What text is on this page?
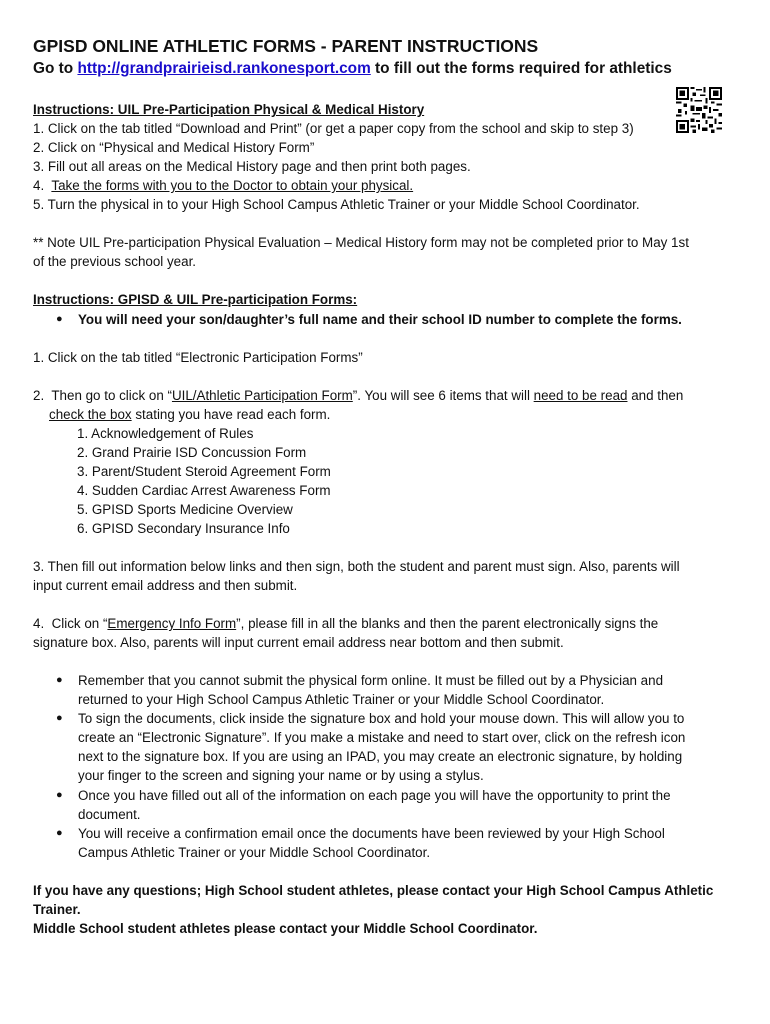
GPISD ONLINE ATHLETIC FORMS - PARENT INSTRUCTIONS
Go to http://grandprairieisd.rankonesport.com to fill out the forms required for athletics
Instructions: UIL Pre-Participation Physical & Medical History
1. Click on the tab titled “Download and Print” (or get a paper copy from the school and skip to step 3)
2. Click on “Physical and Medical History Form”
3. Fill out all areas on the Medical History page and then print both pages.
4.  Take the forms with you to the Doctor to obtain your physical.
5. Turn the physical in to your High School Campus Athletic Trainer or your Middle School Coordinator.
** Note UIL Pre-participation Physical Evaluation – Medical History form may not be completed prior to May 1st
of the previous school year.
Instructions: GPISD & UIL Pre-participation Forms:
● You will need your son/daughter’s full name and their school ID number to complete the forms.
1. Click on the tab titled “Electronic Participation Forms”
2.  Then go to click on “UIL/Athletic Participation Form”. You will see 6 items that will need to be read and then
check the box stating you have read each form.
1. Acknowledgement of Rules
2. Grand Prairie ISD Concussion Form
3. Parent/Student Steroid Agreement Form
4. Sudden Cardiac Arrest Awareness Form
5. GPISD Sports Medicine Overview
6. GPISD Secondary Insurance Info
3. Then fill out information below links and then sign, both the student and parent must sign. Also, parents will
input current email address and then submit.
4.  Click on “Emergency Info Form”, please fill in all the blanks and then the parent electronically signs the
signature box. Also, parents will input current email address near bottom and then submit.
● Remember that you cannot submit the physical form online. It must be filled out by a Physician and
returned to your High School Campus Athletic Trainer or your Middle School Coordinator.
● To sign the documents, click inside the signature box and hold your mouse down. This will allow you to
create an “Electronic Signature”. If you make a mistake and need to start over, click on the refresh icon
next to the signature box. If you are using an IPAD, you may create an electronic signature, by holding
your finger to the screen and signing your name or by using a stylus.
● Once you have filled out all of the information on each page you will have the opportunity to print the
document.
● You will receive a confirmation email once the documents have been reviewed by your High School
Campus Athletic Trainer or your Middle School Coordinator.
If you have any questions; High School student athletes, please contact your High School Campus Athletic
Trainer.
Middle School student athletes please contact your Middle School Coordinator.
